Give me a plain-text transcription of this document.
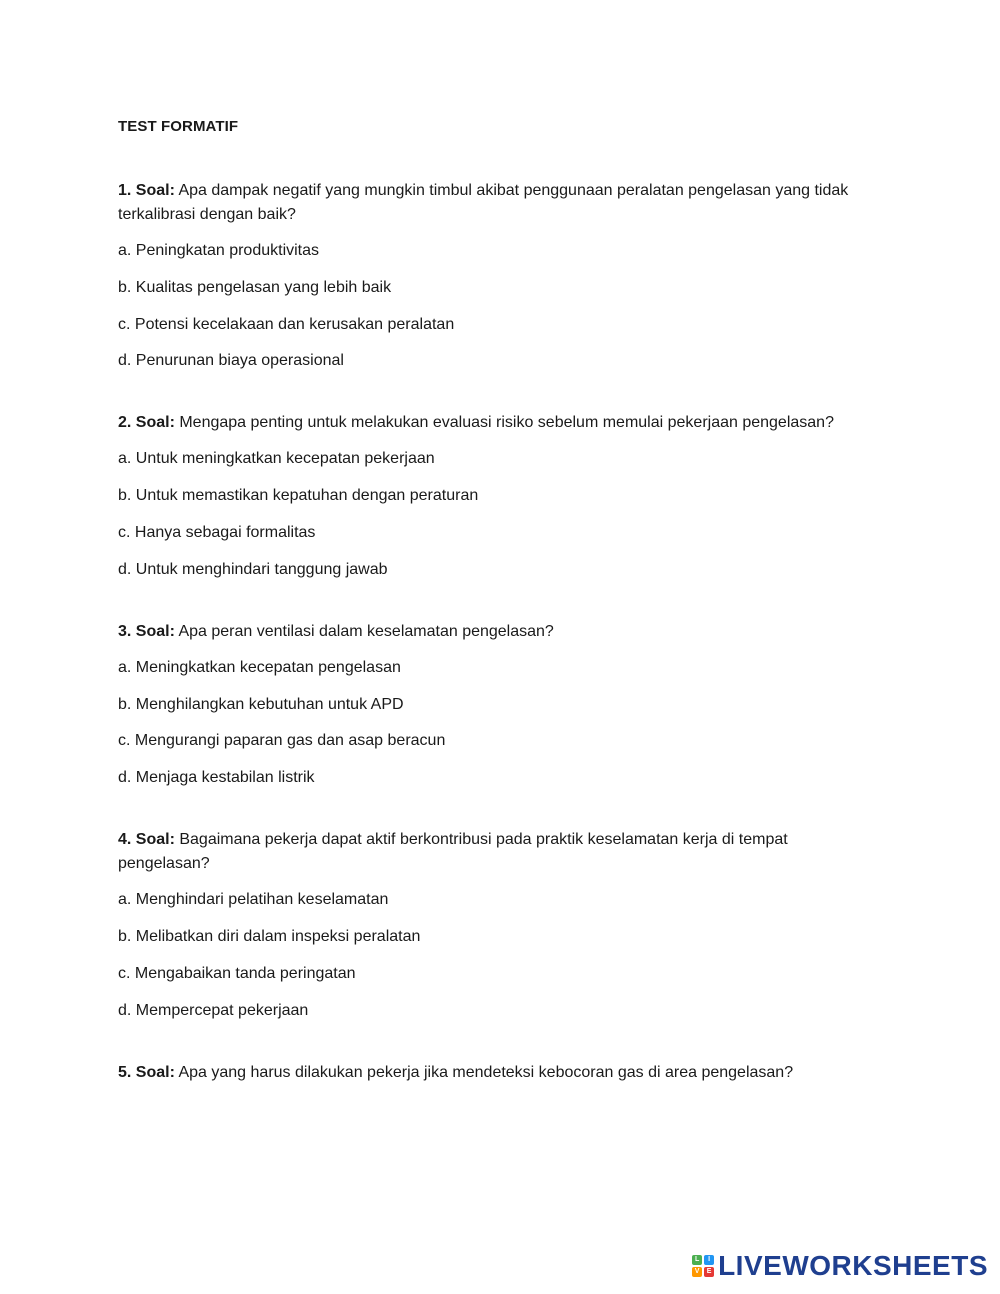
TEST FORMATIF
1. Soal: Apa dampak negatif yang mungkin timbul akibat penggunaan peralatan pengelasan yang tidak terkalibrasi dengan baik?
a. Peningkatan produktivitas
b. Kualitas pengelasan yang lebih baik
c. Potensi kecelakaan dan kerusakan peralatan
d. Penurunan biaya operasional
2. Soal: Mengapa penting untuk melakukan evaluasi risiko sebelum memulai pekerjaan pengelasan?
a. Untuk meningkatkan kecepatan pekerjaan
b. Untuk memastikan kepatuhan dengan peraturan
c. Hanya sebagai formalitas
d. Untuk menghindari tanggung jawab
3. Soal: Apa peran ventilasi dalam keselamatan pengelasan?
a. Meningkatkan kecepatan pengelasan
b. Menghilangkan kebutuhan untuk APD
c. Mengurangi paparan gas dan asap beracun
d. Menjaga kestabilan listrik
4. Soal: Bagaimana pekerja dapat aktif berkontribusi pada praktik keselamatan kerja di tempat pengelasan?
a. Menghindari pelatihan keselamatan
b. Melibatkan diri dalam inspeksi peralatan
c. Mengabaikan tanda peringatan
d. Mempercepat pekerjaan
5. Soal: Apa yang harus dilakukan pekerja jika mendeteksi kebocoran gas di area pengelasan?
L	I
V	E LIVEWORKSHEETS
